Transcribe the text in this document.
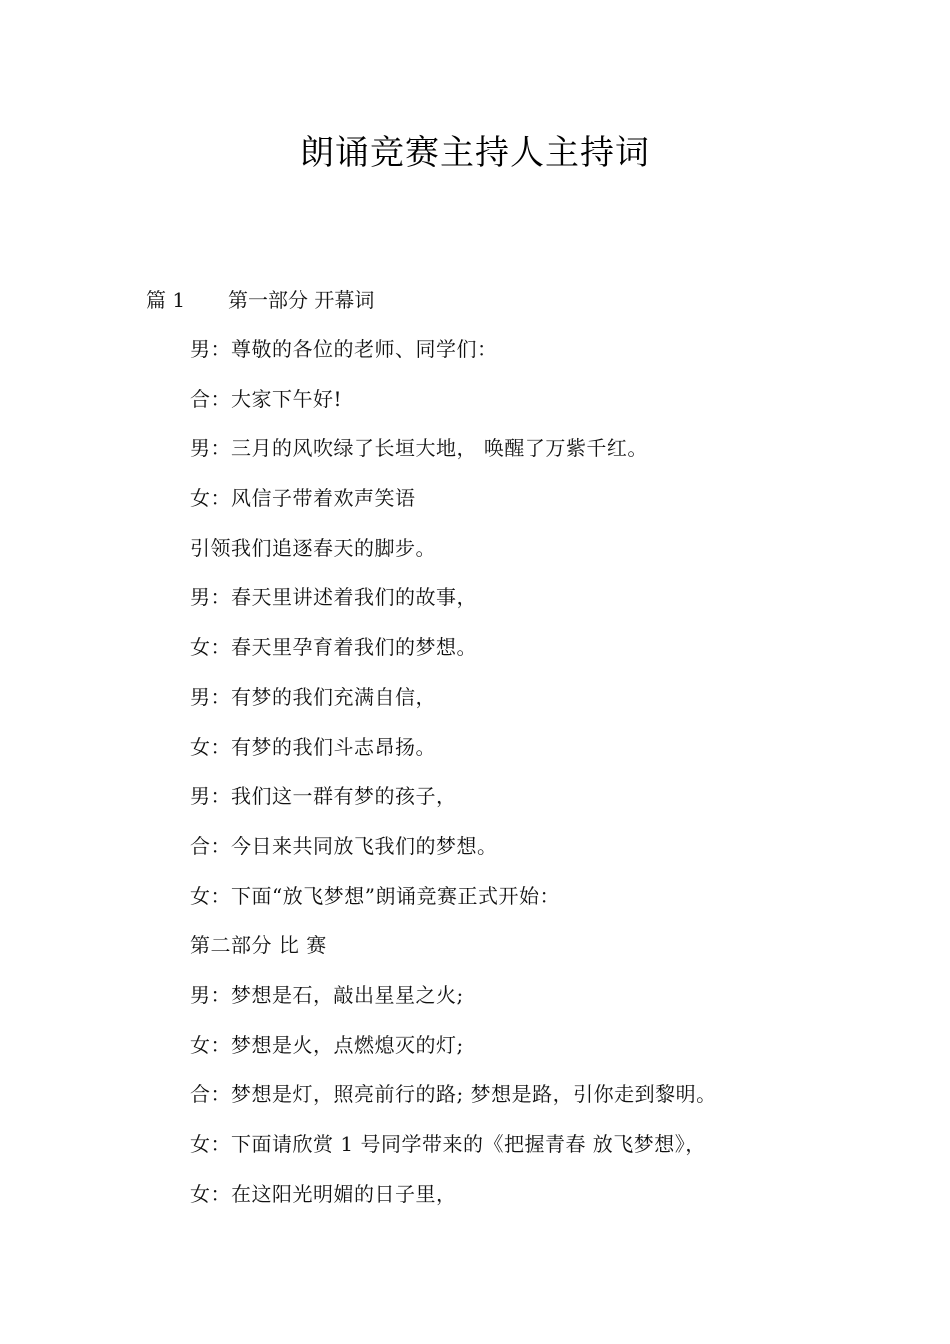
朗诵竞赛主持人主持词
篇 1 第一部分 开幕词
男：尊敬的各位的老师、同学们：
合：大家下午好!
男：三月的风吹绿了长垣大地， 唤醒了万紫千红。
女：风信子带着欢声笑语
引领我们追逐春天的脚步。
男：春天里讲述着我们的故事，
女：春天里孕育着我们的梦想。
男：有梦的我们充满自信，
女：有梦的我们斗志昂扬。
男：我们这一群有梦的孩子，
合：今日来共同放飞我们的梦想。
女：下面“放飞梦想”朗诵竞赛正式开始：
第二部分 比 赛
男：梦想是石，敲出星星之火;
女：梦想是火，点燃熄灭的灯;
合：梦想是灯，照亮前行的路; 梦想是路，引你走到黎明。
女：下面请欣赏 1 号同学带来的《把握青春 放飞梦想》，
女：在这阳光明媚的日子里，
